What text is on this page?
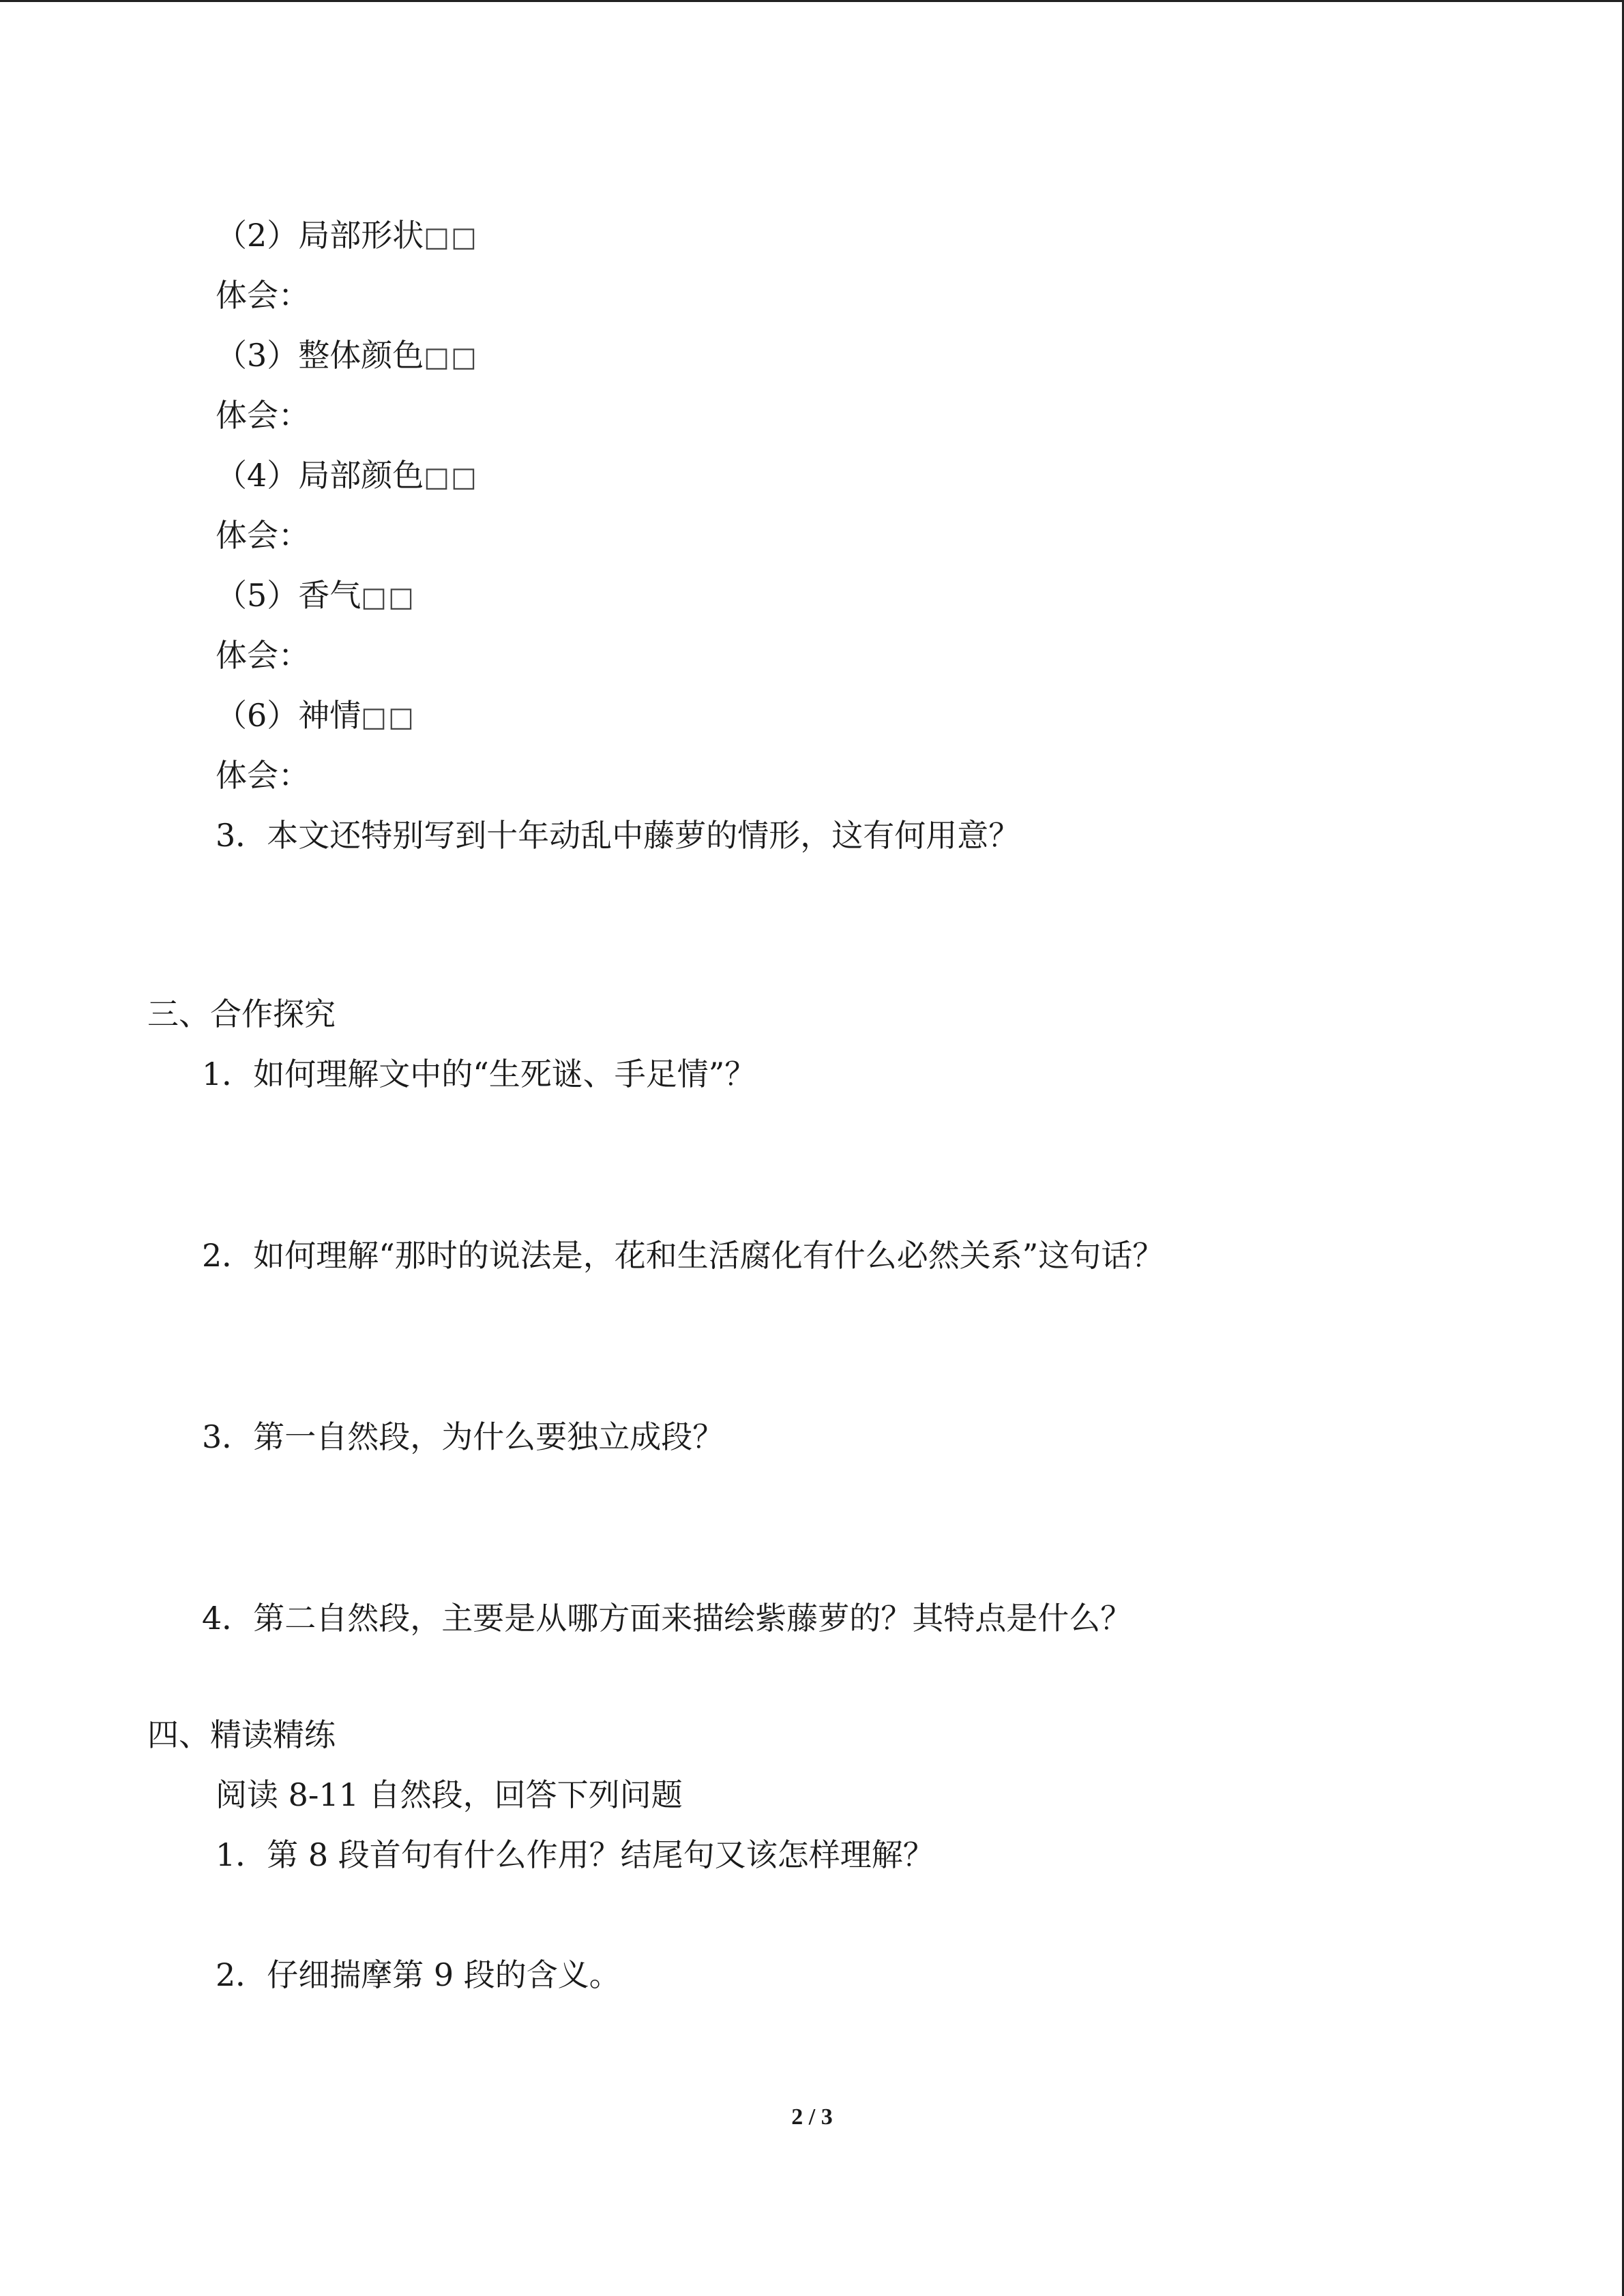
（2）局部形状□□
体会：
（3）整体颜色□□
体会：
（4）局部颜色□□
体会：
（5）香气□□
体会：
（6）神情□□
体会：
3．本文还特别写到十年动乱中藤萝的情形，这有何用意？
三、合作探究
1．如何理解文中的“生死谜、手足情”？
2．如何理解“那时的说法是，花和生活腐化有什么必然关系”这句话？
3．第一自然段，为什么要独立成段？
4．第二自然段，主要是从哪方面来描绘紫藤萝的？其特点是什么？
四、精读精练
阅读 8-11 自然段，回答下列问题
1．第 8 段首句有什么作用？结尾句又该怎样理解？
2．仔细揣摩第 9 段的含义。
2 / 3
